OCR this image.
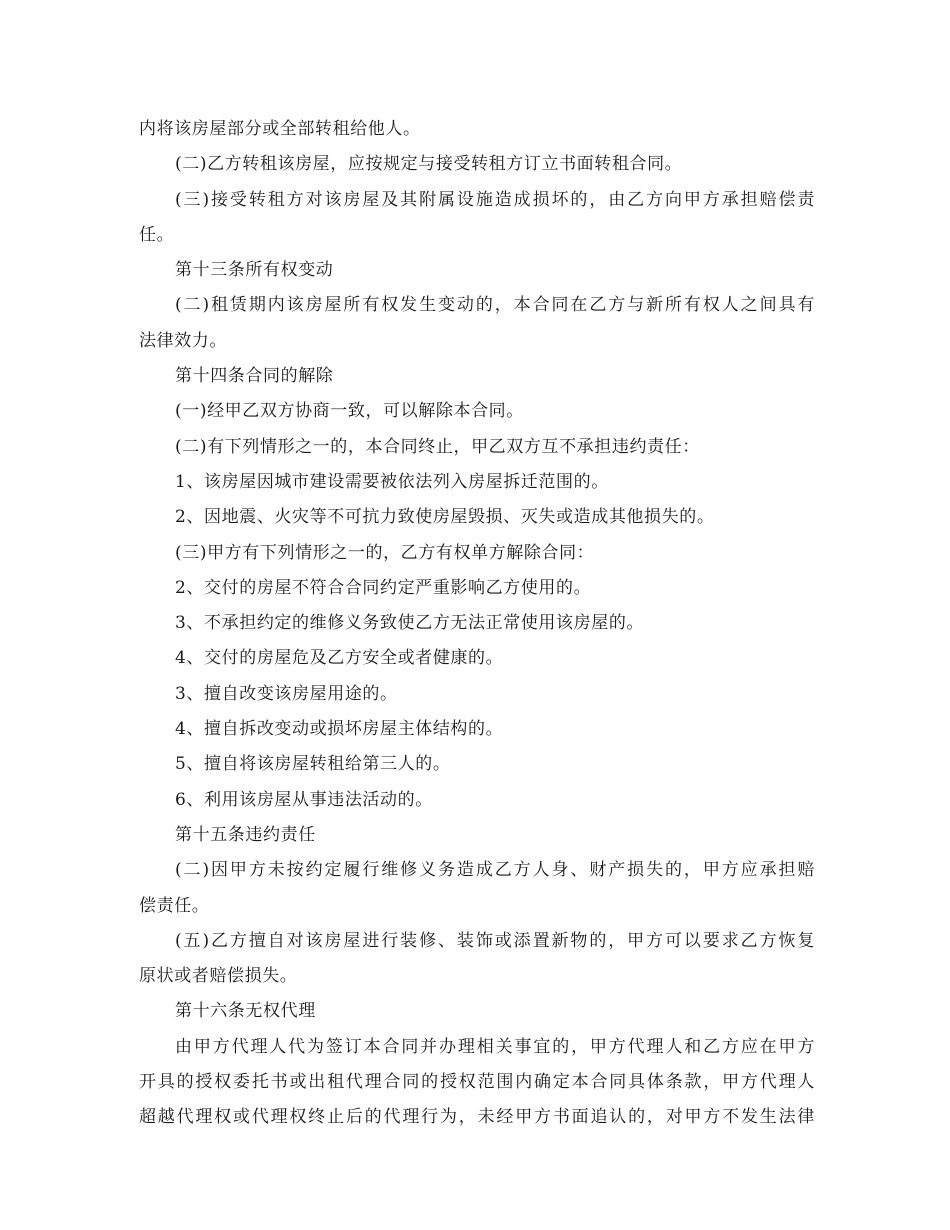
内将该房屋部分或全部转租给他人。

(二)乙方转租该房屋，应按规定与接受转租方订立书面转租合同。

(三)接受转租方对该房屋及其附属设施造成损坏的，由乙方向甲方承担赔偿责

任。

第十三条所有权变动

(二)租赁期内该房屋所有权发生变动的，本合同在乙方与新所有权人之间具有

法律效力。

第十四条合同的解除

(一)经甲乙双方协商一致，可以解除本合同。

(二)有下列情形之一的，本合同终止，甲乙双方互不承担违约责任：

1、该房屋因城市建设需要被依法列入房屋拆迁范围的。

2、因地震、火灾等不可抗力致使房屋毁损、灭失或造成其他损失的。

(三)甲方有下列情形之一的，乙方有权单方解除合同：

2、交付的房屋不符合合同约定严重影响乙方使用的。

3、不承担约定的维修义务致使乙方无法正常使用该房屋的。

4、交付的房屋危及乙方安全或者健康的。

3、擅自改变该房屋用途的。

4、擅自拆改变动或损坏房屋主体结构的。

5、擅自将该房屋转租给第三人的。

6、利用该房屋从事违法活动的。

第十五条违约责任

(二)因甲方未按约定履行维修义务造成乙方人身、财产损失的，甲方应承担赔

偿责任。

(五)乙方擅自对该房屋进行装修、装饰或添置新物的，甲方可以要求乙方恢复

原状或者赔偿损失。

第十六条无权代理

由甲方代理人代为签订本合同并办理相关事宜的，甲方代理人和乙方应在甲方

开具的授权委托书或出租代理合同的授权范围内确定本合同具体条款，甲方代理人

超越代理权或代理权终止后的代理行为，未经甲方书面追认的，对甲方不发生法律
